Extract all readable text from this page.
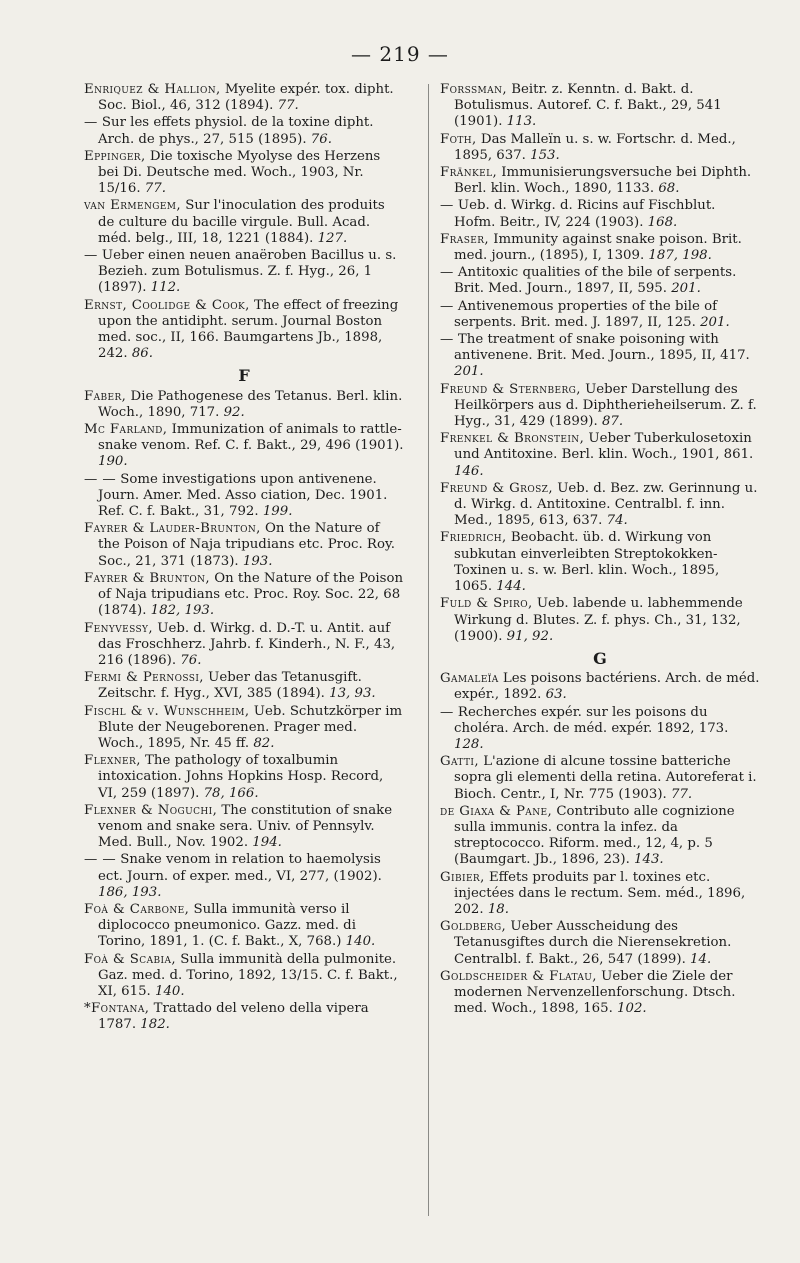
— 219 —
Enriquez & Hallion, Myelite expér. tox. dipht. Soc. Biol., 46, 312 (1894). 77.
— Sur les effets physiol. de la toxine dipht. Arch. de phys., 27, 515 (1895). 76.
Eppinger, Die toxische Myolyse des Herzens bei Di. Deutsche med. Woch., 1903, Nr. 15/16. 77.
van Ermengem, Sur l'inoculation des produits de culture du bacille virgule. Bull. Acad. méd. belg., III, 18, 1221 (1884). 127.
— Ueber einen neuen anaëroben Bacillus u. s. Bezieh. zum Botulismus. Z. f. Hyg., 26, 1 (1897). 112.
Ernst, Coolidge & Cook, The effect of freezing upon the antidipht. serum. Journal Boston med. soc., II, 166. Baumgartens Jb., 1898, 242. 86.
F
Faber, Die Pathogenese des Tetanus. Berl. klin. Woch., 1890, 717. 92.
Mc Farland, Immunization of animals to rattle-snake venom. Ref. C. f. Bakt., 29, 496 (1901). 190.
— — Some investigations upon antivenene. Journ. Amer. Med. Asso ciation, Dec. 1901. Ref. C. f. Bakt., 31, 792. 199.
Fayrer & Lauder-Brunton, On the Nature of the Poison of Naja tripudians etc. Proc. Roy. Soc., 21, 371 (1873). 193.
Fayrer & Brunton, On the Nature of the Poison of Naja tripudians etc. Proc. Roy. Soc. 22, 68 (1874). 182, 193.
Fenyvessy, Ueb. d. Wirkg. d. D.-T. u. Antit. auf das Froschherz. Jahrb. f. Kinderh., N. F., 43, 216 (1896). 76.
Fermi & Pernossi, Ueber das Tetanusgift. Zeitschr. f. Hyg., XVI, 385 (1894). 13, 93.
Fischl & v. Wunschheim, Ueb. Schutzkörper im Blute der Neugeborenen. Prager med. Woch., 1895, Nr. 45 ff. 82.
Flexner, The pathology of toxalbumin intoxication. Johns Hopkins Hosp. Record, VI, 259 (1897). 78, 166.
Flexner & Noguchi, The constitution of snake venom and snake sera. Univ. of Pennsylv. Med. Bull., Nov. 1902. 194.
— — Snake venom in relation to haemolysis ect. Journ. of exper. med., VI, 277, (1902). 186, 193.
Foà & Carbone, Sulla immunità verso il diplococco pneumonico. Gazz. med. di Torino, 1891, 1. (C. f. Bakt., X, 768.) 140.
Foà & Scabia, Sulla immunità della pulmonite. Gaz. med. d. Torino, 1892, 13/15. C. f. Bakt., XI, 615. 140.
*Fontana, Trattado del veleno della vipera 1787. 182.
Forssman, Beitr. z. Kenntn. d. Bakt. d. Botulismus. Autoref. C. f. Bakt., 29, 541 (1901). 113.
Foth, Das Malleïn u. s. w. Fortschr. d. Med., 1895, 637. 153.
Fränkel, Immunisierungsversuche bei Diphth. Berl. klin. Woch., 1890, 1133. 68.
— Ueb. d. Wirkg. d. Ricins auf Fischblut. Hofm. Beitr., IV, 224 (1903). 168.
Fraser, Immunity against snake poison. Brit. med. journ., (1895), I, 1309. 187, 198.
— Antitoxic qualities of the bile of serpents. Brit. Med. Journ., 1897, II, 595. 201.
— Antivenemous properties of the bile of serpents. Brit. med. J. 1897, II, 125. 201.
— The treatment of snake poisoning with antivenene. Brit. Med. Journ., 1895, II, 417. 201.
Freund & Sternberg, Ueber Darstellung des Heilkörpers aus d. Diphtherieheilserum. Z. f. Hyg., 31, 429 (1899). 87.
Frenkel & Bronstein, Ueber Tuberkulosetoxin und Antitoxine. Berl. klin. Woch., 1901, 861. 146.
Freund & Grosz, Ueb. d. Bez. zw. Gerinnung u. d. Wirkg. d. Antitoxine. Centralbl. f. inn. Med., 1895, 613, 637. 74.
Friedrich, Beobacht. üb. d. Wirkung von subkutan einverleibten Streptokokken-Toxinen u. s. w. Berl. klin. Woch., 1895, 1065. 144.
Fuld & Spiro, Ueb. labende u. labhemmende Wirkung d. Blutes. Z. f. phys. Ch., 31, 132, (1900). 91, 92.
G
Gamaleïa Les poisons bactériens. Arch. de méd. expér., 1892. 63.
— Recherches expér. sur les poisons du choléra. Arch. de méd. expér. 1892, 173. 128.
Gatti, L'azione di alcune tossine batteriche sopra gli elementi della retina. Autoreferat i. Bioch. Centr., I, Nr. 775 (1903). 77.
de Giaxa & Pane, Contributo alle cognizione sulla immunis. contra la infez. da streptococco. Riform. med., 12, 4, p. 5 (Baumgart. Jb., 1896, 23). 143.
Gibier, Effets produits par l. toxines etc. injectées dans le rectum. Sem. méd., 1896, 202. 18.
Goldberg, Ueber Ausscheidung des Tetanusgiftes durch die Nierensekretion. Centralbl. f. Bakt., 26, 547 (1899). 14.
Goldscheider & Flatau, Ueber die Ziele der modernen Nervenzellenforschung. Dtsch. med. Woch., 1898, 165. 102.
